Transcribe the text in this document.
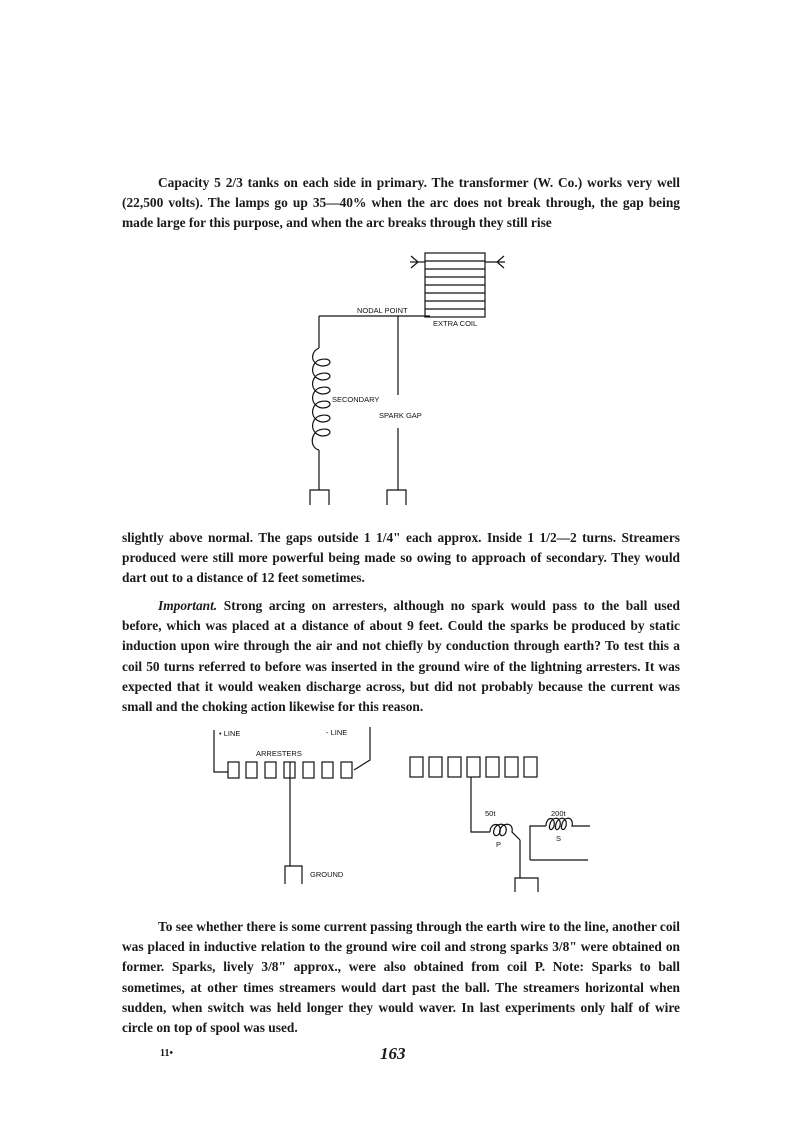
Capacity 5 2/3 tanks on each side in primary. The transformer (W. Co.) works very well (22,500 volts). The lamps go up 35—40% when the arc does not break through, the gap being made large for this purpose, and when the arc breaks through they still rise

NODAL POINT
EXTRA COIL
SECONDARY
SPARK GAP

slightly above normal. The gaps outside 1 1/4" each approx. Inside 1 1/2—2 turns. Streamers produced were still more powerful being made so owing to approach of secondary. They would dart out to a distance of 12 feet sometimes.

Important. Strong arcing on arresters, although no spark would pass to the ball used before, which was placed at a distance of about 9 feet. Could the sparks be produced by static induction upon wire through the air and not chiefly by conduction through earth? To test this a coil 50 turns referred to before was inserted in the ground wire of the lightning arresters. It was expected that it would weaken discharge across, but did not probably because the current was small and the choking action likewise for this reason.

• LINE	- LINE
ARRESTERS
GROUND
50t	200t
P
S

To see whether there is some current passing through the earth wire to the line, another coil was placed in inductive relation to the ground wire coil and strong sparks 3/8" were obtained on former. Sparks, lively 3/8" approx., were also obtained from coil P. Note: Sparks to ball sometimes, at other times streamers would dart past the ball. The streamers horizontal when sudden, when switch was held longer they would waver. In last experiments only half of wire circle on top of spool was used.

11•	163
